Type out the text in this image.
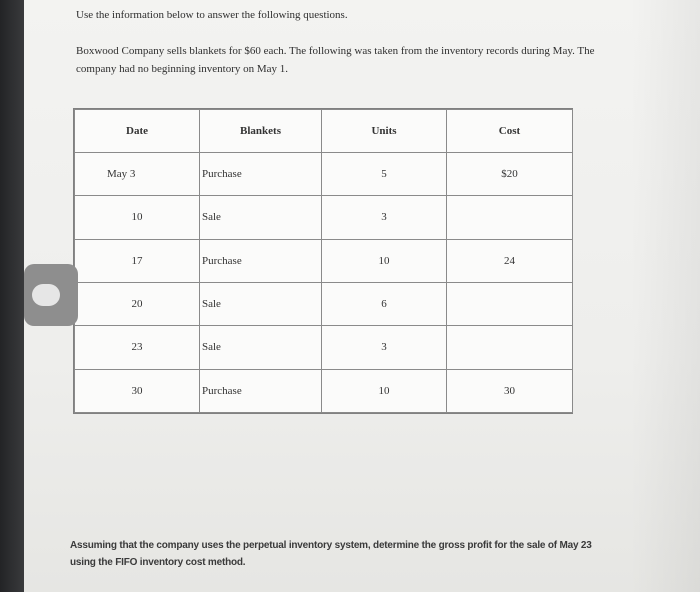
Use the information below to answer the following questions.

Boxwood Company sells blankets for $60 each. The following was taken from the inventory records during May. The company had no beginning inventory on May 1.

Date	Blankets	Units	Cost
May 3	Purchase	5	$20
10	Sale	3	
17	Purchase	10	24
20	Sale	6	
23	Sale	3	
30	Purchase	10	30

Assuming that the company uses the perpetual inventory system, determine the gross profit for the sale of May 23 using the FIFO inventory cost method.
